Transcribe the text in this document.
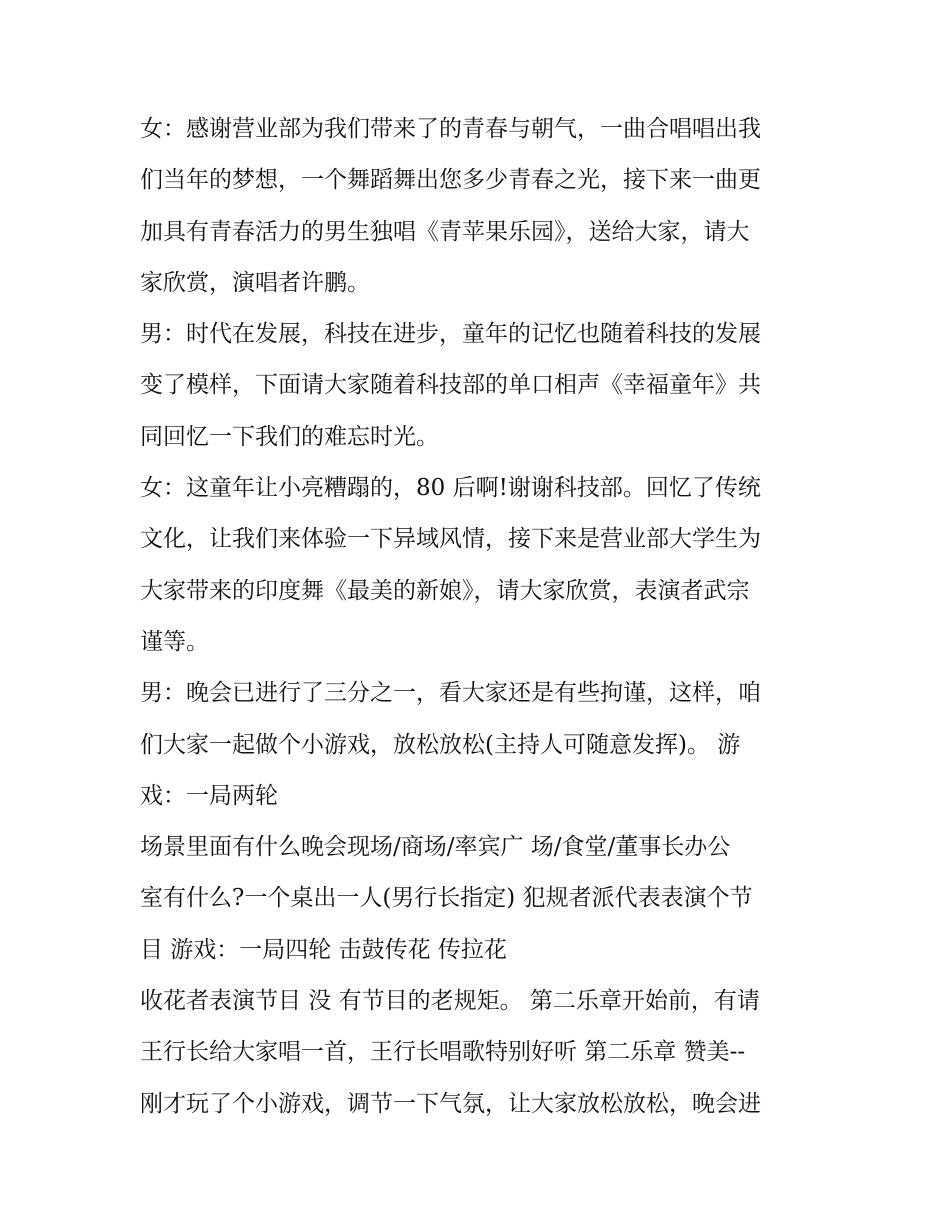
女：感谢营业部为我们带来了的青春与朝气，一曲合唱唱出我
们当年的梦想，一个舞蹈舞出您多少青春之光，接下来一曲更
加具有青春活力的男生独唱《青苹果乐园》，送给大家，请大
家欣赏，演唱者许鹏。
男：时代在发展，科技在进步，童年的记忆也随着科技的发展
变了模样，下面请大家随着科技部的单口相声《幸福童年》共
同回忆一下我们的难忘时光。
女：这童年让小亮糟蹋的，80 后啊!谢谢科技部。回忆了传统
文化，让我们来体验一下异域风情，接下来是营业部大学生为
大家带来的印度舞《最美的新娘》，请大家欣赏，表演者武宗
谨等。
男：晚会已进行了三分之一，看大家还是有些拘谨，这样，咱
们大家一起做个小游戏，放松放松(主持人可随意发挥)。 游
戏：一局两轮
场景里面有什么晚会现场/商场/率宾广 场/食堂/董事长办公
室有什么?一个桌出一人(男行长指定) 犯规者派代表表演个节
目 游戏：一局四轮 击鼓传花 传拉花
收花者表演节目 没 有节目的老规矩。 第二乐章开始前，有请
王行长给大家唱一首，王行长唱歌特别好听 第二乐章 赞美--
刚才玩了个小游戏，调节一下气氛，让大家放松放松，晚会进
